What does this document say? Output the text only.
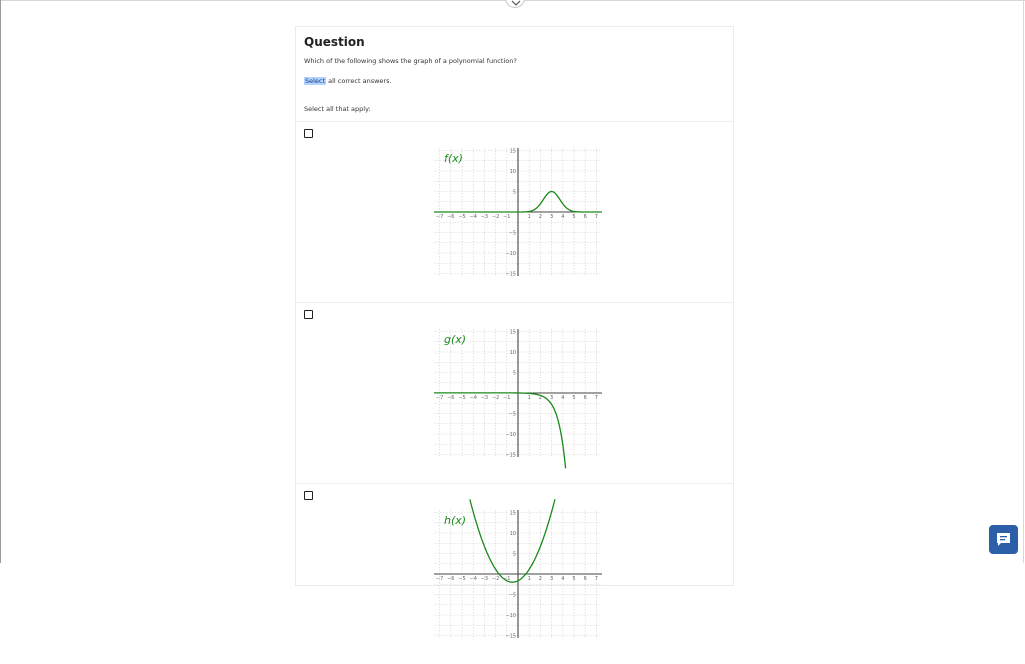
Question
Which of the following shows the graph of a polynomial function?
Select all correct answers.
Select all that apply:
−7 −6 −5 −4 −3 −2 −1	1 2 3 4 5 6 7
15
10
5
−5
−10
−15
f(x)
−7 −6 −5 −4 −3 −2 −1	1 2 3 4 5 6 7
15
10
5
−5
−10
−15
g(x)
−7 −6 −5 −4 −3 −2 −1	1 2 3 4 5 6 7
15
10
5
−5
−10
−15
h(x)
